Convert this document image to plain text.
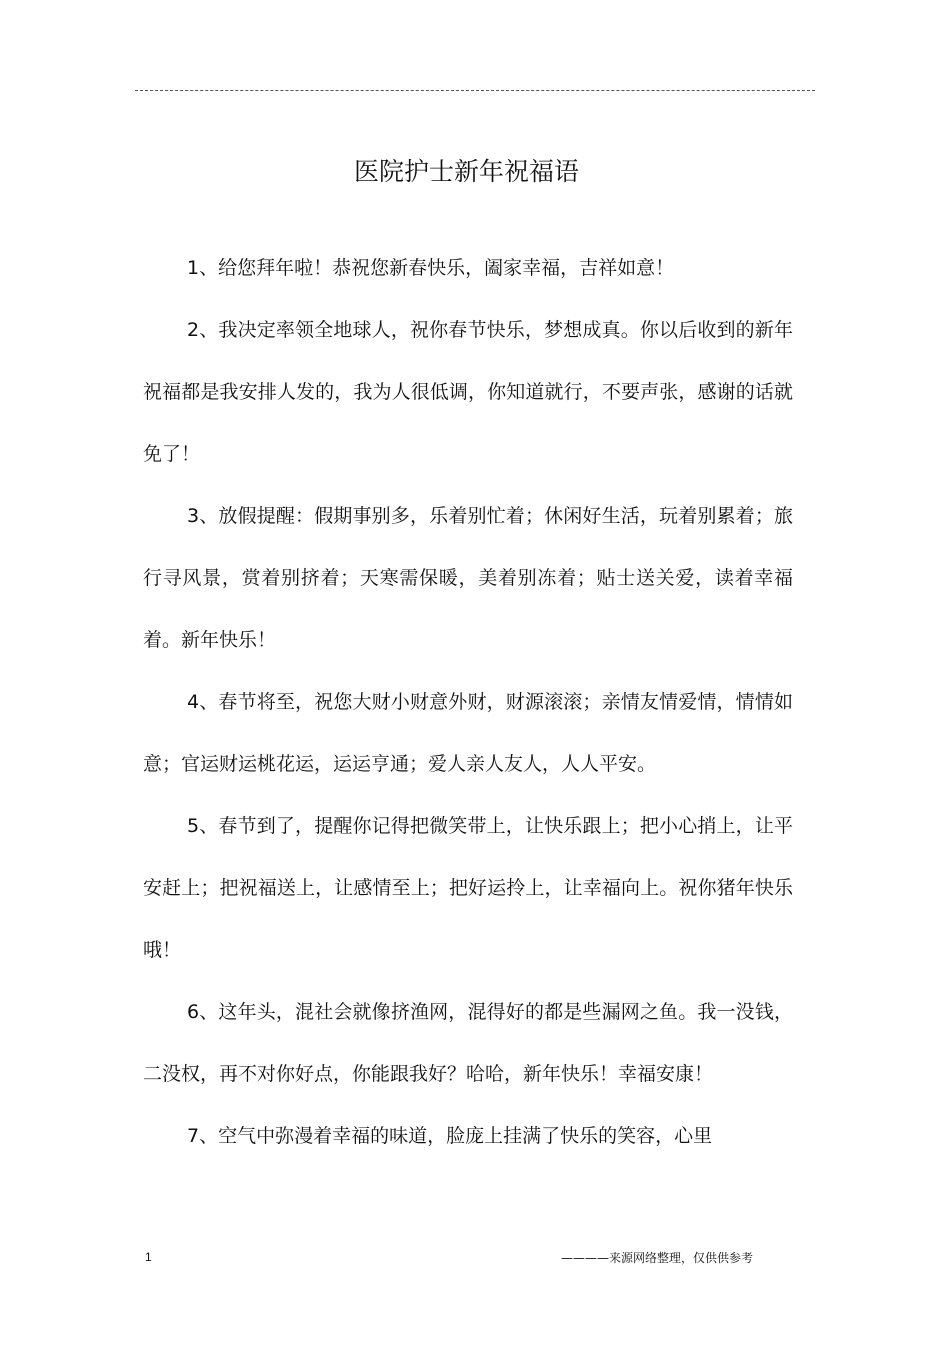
医院护士新年祝福语

1、给您拜年啦！恭祝您新春快乐，阖家幸福，吉祥如意！

2、我决定率领全地球人，祝你春节快乐，梦想成真。你以后收到的新年祝福都是我安排人发的，我为人很低调，你知道就行，不要声张，感谢的话就免了！

3、放假提醒：假期事别多，乐着别忙着；休闲好生活，玩着别累着；旅行寻风景，赏着别挤着；天寒需保暖，美着别冻着；贴士送关爱，读着幸福着。新年快乐！

4、春节将至，祝您大财小财意外财，财源滚滚；亲情友情爱情，情情如意；官运财运桃花运，运运亨通；爱人亲人友人，人人平安。

5、春节到了，提醒你记得把微笑带上，让快乐跟上；把小心捎上，让平安赶上；把祝福送上，让感情至上；把好运拎上，让幸福向上。祝你猪年快乐哦！

6、这年头，混社会就像挤渔网，混得好的都是些漏网之鱼。我一没钱，二没权，再不对你好点，你能跟我好？哈哈，新年快乐！幸福安康！

7、空气中弥漫着幸福的味道，脸庞上挂满了快乐的笑容，心里

1	————来源网络整理，仅供供参考
